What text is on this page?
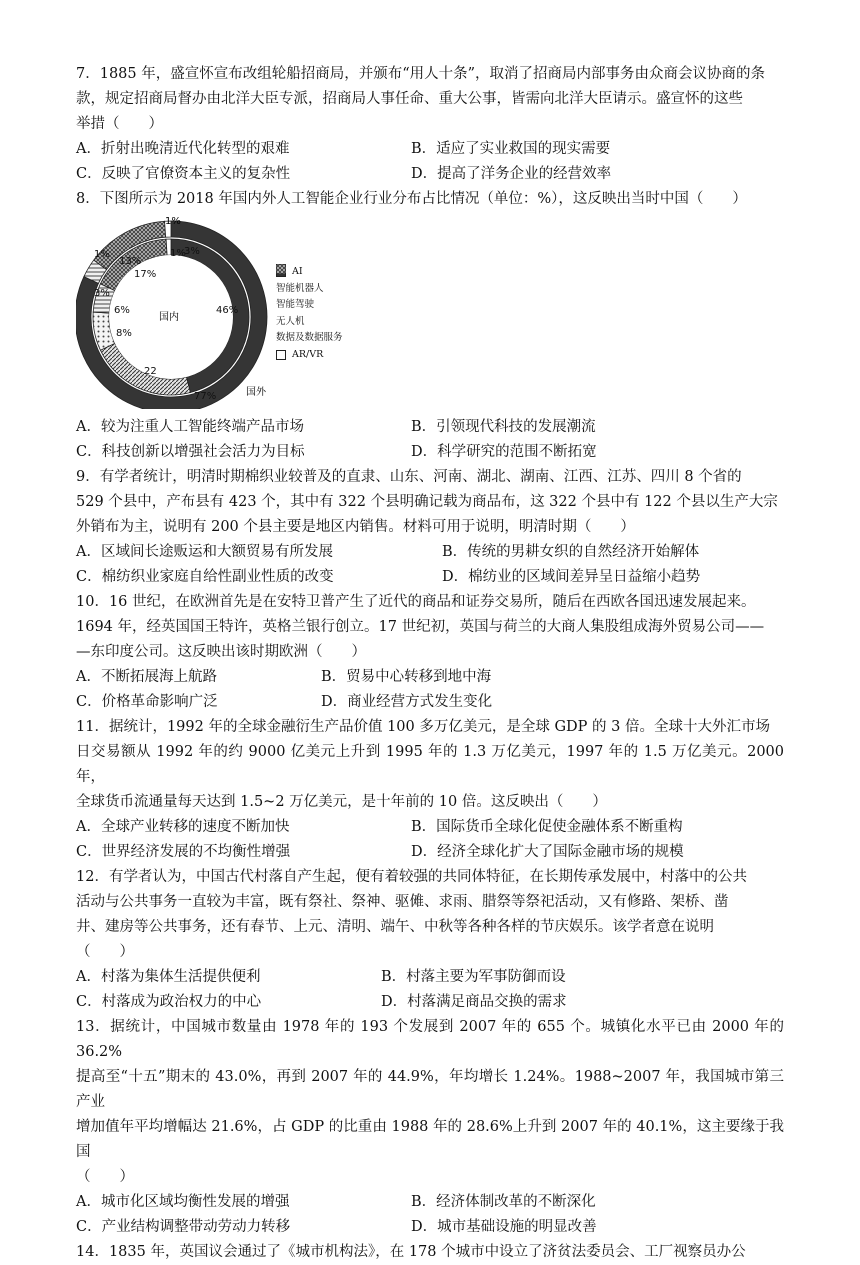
7．1885 年，盛宣怀宣布改组轮船招商局，并颁布“用人十条”，取消了招商局内部事务由众商会议协商的条

款，规定招商局督办由北洋大臣专派，招商局人事任命、重大公事，皆需向北洋大臣请示。盛宣怀的这些

举措（　　）

A．折射出晚清近代化转型的艰难	B．适应了实业救国的现实需要
C．反映了官僚资本主义的复杂性	D．提高了洋务企业的经营效率

8．下图所示为 2018 年国内外人工智能企业行业分布占比情况（单位：%），这反映出当时中国（　　）

国内
国外
46%
22
8%
6%
17%
1%
77%
3%
13%
3%
1%
1%
AI
智能机器人
智能驾驶
无人机
数据及数据服务
AR/VR
A．较为注重人工智能终端产品市场	B．引领现代科技的发展潮流
C．科技创新以增强社会活力为目标	D．科学研究的范围不断拓宽

9．有学者统计，明清时期棉织业较普及的直隶、山东、河南、湖北、湖南、江西、江苏、四川 8 个省的

529 个县中，产布县有 423 个，其中有 322 个县明确记载为商品布，这 322 个县中有 122 个县以生产大宗

外销布为主，说明有 200 个县主要是地区内销售。材料可用于说明，明清时期（　　）

A．区域间长途贩运和大额贸易有所发展	B．传统的男耕女织的自然经济开始解体
C．棉纺织业家庭自给性副业性质的改变	D．棉纺业的区域间差异呈日益缩小趋势

10．16 世纪，在欧洲首先是在安特卫普产生了近代的商品和证券交易所，随后在西欧各国迅速发展起来。

1694 年，经英国国王特许，英格兰银行创立。17 世纪初，英国与荷兰的大商人集股组成海外贸易公司——

—东印度公司。这反映出该时期欧洲（　　）

A．不断拓展海上航路	B．贸易中心转移到地中海
C．价格革命影响广泛	D．商业经营方式发生变化

11．据统计，1992 年的全球金融衍生产品价值 100 多万亿美元，是全球 GDP 的 3 倍。全球十大外汇市场

日交易额从 1992 年的约 9000 亿美元上升到 1995 年的 1.3 万亿美元，1997 年的 1.5 万亿美元。2000 年，

全球货币流通量每天达到 1.5~2 万亿美元，是十年前的 10 倍。这反映出（　　）

A．全球产业转移的速度不断加快	B．国际货币全球化促使金融体系不断重构
C．世界经济发展的不均衡性增强	D．经济全球化扩大了国际金融市场的规模

12．有学者认为，中国古代村落自产生起，便有着较强的共同体特征，在长期传承发展中，村落中的公共

活动与公共事务一直较为丰富，既有祭社、祭神、驱傩、求雨、腊祭等祭祀活动，又有修路、架桥、凿

井、建房等公共事务，还有春节、上元、清明、端午、中秋等各种各样的节庆娱乐。该学者意在说明

（　　）

A．村落为集体生活提供便利	B．村落主要为军事防御而设
C．村落成为政治权力的中心	D．村落满足商品交换的需求

13．据统计，中国城市数量由 1978 年的 193 个发展到 2007 年的 655 个。城镇化水平已由 2000 年的 36.2%

提高至“十五”期末的 43.0%，再到 2007 年的 44.9%，年均增长 1.24%。1988~2007 年，我国城市第三产业

增加值年平均增幅达 21.6%，占 GDP 的比重由 1988 年的 28.6%上升到 2007 年的 40.1%，这主要缘于我国

（　　）

A．城市化区域均衡性发展的增强	B．经济体制改革的不断深化
C．产业结构调整带动劳动力转移	D．城市基础设施的明显改善

14．1835 年，英国议会通过了《城市机构法》，在 178 个城市中设立了济贫法委员会、工厂视察员办公
